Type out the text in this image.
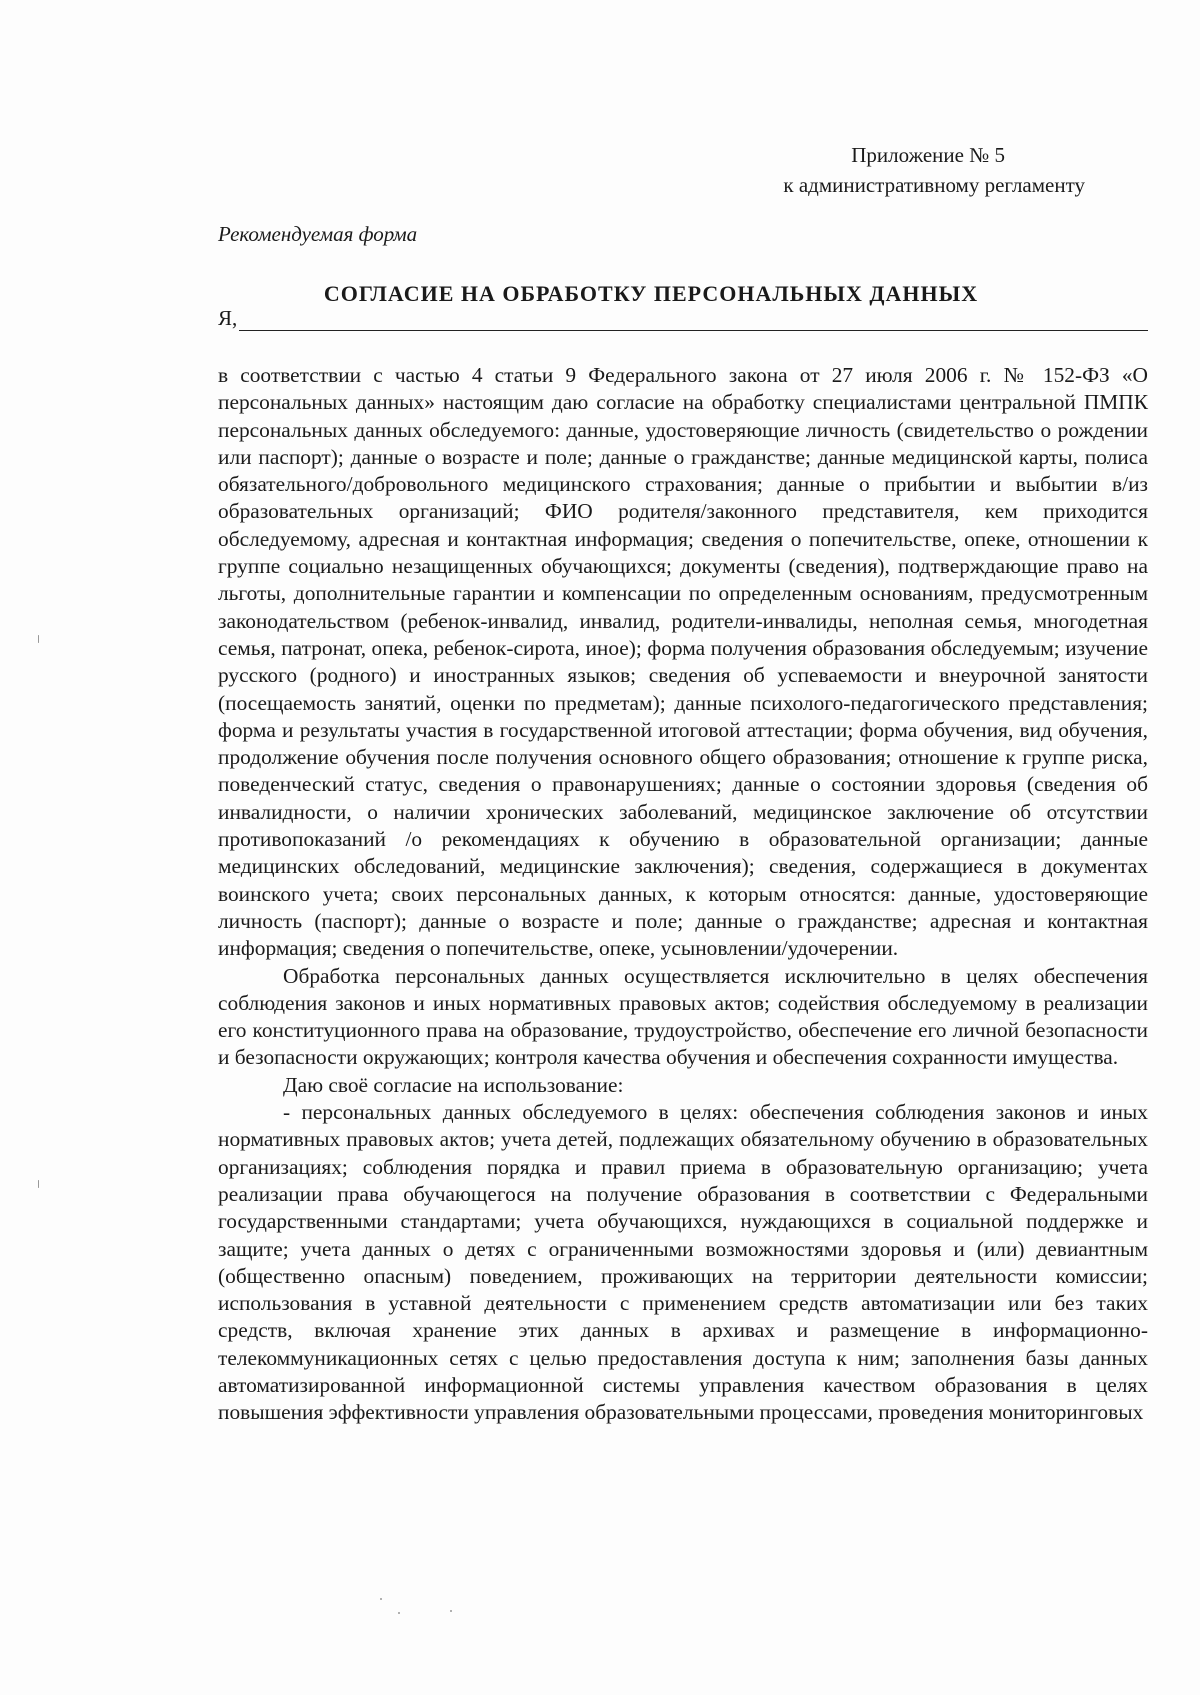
Приложение № 5
к административному регламенту
Рекомендуемая форма
СОГЛАСИЕ НА ОБРАБОТКУ ПЕРСОНАЛЬНЫХ ДАННЫХ
Я,

в соответствии с частью 4 статьи 9 Федерального закона от 27 июля 2006 г. № 152-ФЗ «О персональных данных» настоящим даю согласие на обработку специалистами центральной ПМПК персональных данных обследуемого: данные, удостоверяющие личность (свидетельство о рождении или паспорт); данные о возрасте и поле; данные о гражданстве; данные медицинской карты, полиса обязательного/добровольного медицинского страхования; данные о прибытии и выбытии в/из образовательных организаций; ФИО родителя/законного представителя, кем приходится обследуемому, адресная и контактная информация; сведения о попечительстве, опеке, отношении к группе социально незащищенных обучающихся; документы (сведения), подтверждающие право на льготы, дополнительные гарантии и компенсации по определенным основаниям, предусмотренным законодательством (ребенок-инвалид, инвалид, родители-инвалиды, неполная семья, многодетная семья, патронат, опека, ребенок-сирота, иное); форма получения образования обследуемым; изучение русского (родного) и иностранных языков; сведения об успеваемости и внеурочной занятости (посещаемость занятий, оценки по предметам); данные психолого-педагогического представления; форма и результаты участия в государственной итоговой аттестации; форма обучения, вид обучения, продолжение обучения после получения основного общего образования; отношение к группе риска, поведенческий статус, сведения о правонарушениях; данные о состоянии здоровья (сведения об инвалидности, о наличии хронических заболеваний, медицинское заключение об отсутствии противопоказаний /о рекомендациях к обучению в образовательной организации; данные медицинских обследований, медицинские заключения); сведения, содержащиеся в документах воинского учета; своих персональных данных, к которым относятся: данные, удостоверяющие личность (паспорт); данные о возрасте и поле; данные о гражданстве; адресная и контактная информация; сведения о попечительстве, опеке, усыновлении/удочерении.

Обработка персональных данных осуществляется исключительно в целях обеспечения соблюдения законов и иных нормативных правовых актов; содействия обследуемому в реализации его конституционного права на образование, трудоустройство, обеспечение его личной безопасности и безопасности окружающих; контроля качества обучения и обеспечения сохранности имущества.

Даю своё согласие на использование:

- персональных данных обследуемого в целях: обеспечения соблюдения законов и иных нормативных правовых актов; учета детей, подлежащих обязательному обучению в образовательных организациях; соблюдения порядка и правил приема в образовательную организацию; учета реализации права обучающегося на получение образования в соответствии с Федеральными государственными стандартами; учета обучающихся, нуждающихся в социальной поддержке и защите; учета данных о детях с ограниченными возможностями здоровья и (или) девиантным (общественно опасным) поведением, проживающих на территории деятельности комиссии; использования в уставной деятельности с применением средств автоматизации или без таких средств, включая хранение этих данных в архивах и размещение в информационно-телекоммуникационных сетях с целью предоставления доступа к ним; заполнения базы данных автоматизированной информационной системы управления качеством образования в целях повышения эффективности управления образовательными процессами, проведения мониторинговых
